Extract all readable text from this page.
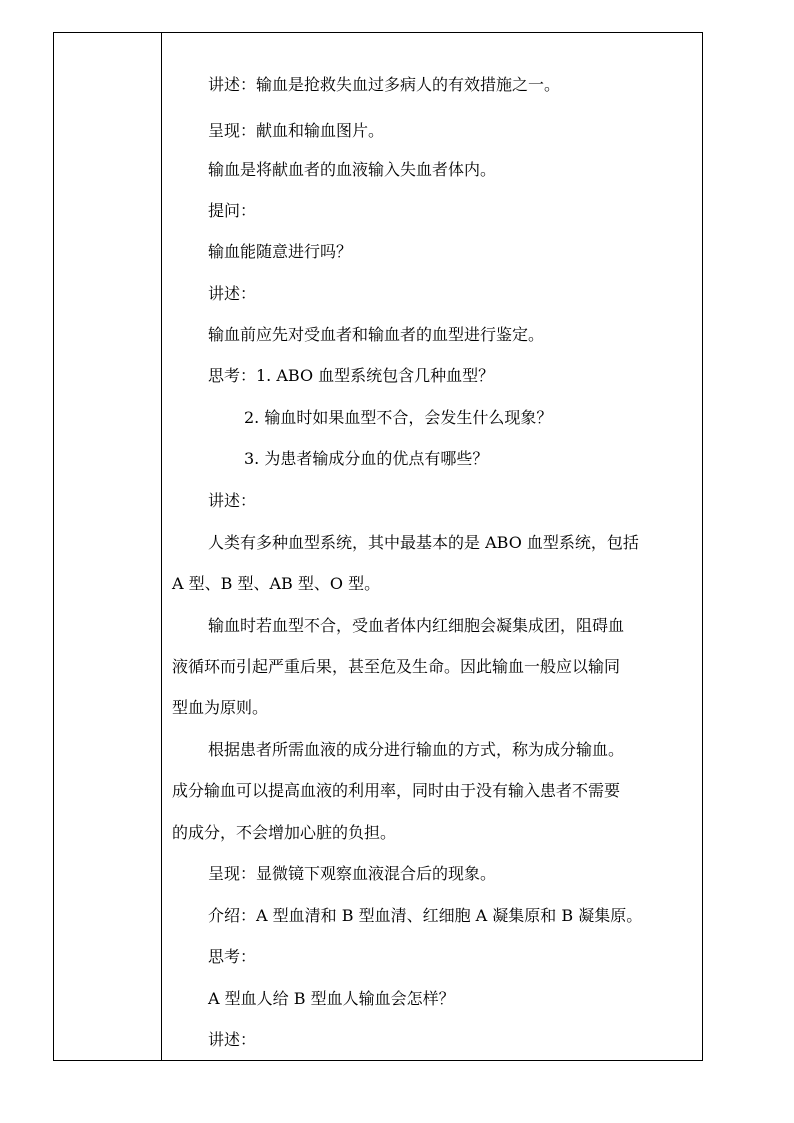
讲述：输血是抢救失血过多病人的有效措施之一。
呈现：献血和输血图片。
输血是将献血者的血液输入失血者体内。
提问：
输血能随意进行吗？
讲述：
输血前应先对受血者和输血者的血型进行鉴定。
思考：1. ABO 血型系统包含几种血型？
2. 输血时如果血型不合，会发生什么现象？
3. 为患者输成分血的优点有哪些？
讲述：
人类有多种血型系统，其中最基本的是 ABO 血型系统，包括
A 型、B 型、AB 型、O 型。
输血时若血型不合，受血者体内红细胞会凝集成团，阻碍血
液循环而引起严重后果，甚至危及生命。因此输血一般应以输同
型血为原则。
根据患者所需血液的成分进行输血的方式，称为成分输血。
成分输血可以提高血液的利用率，同时由于没有输入患者不需要
的成分，不会增加心脏的负担。
呈现：显微镜下观察血液混合后的现象。
介绍：A 型血清和 B 型血清、红细胞 A 凝集原和 B 凝集原。
思考：
A 型血人给 B 型血人输血会怎样？
讲述：
